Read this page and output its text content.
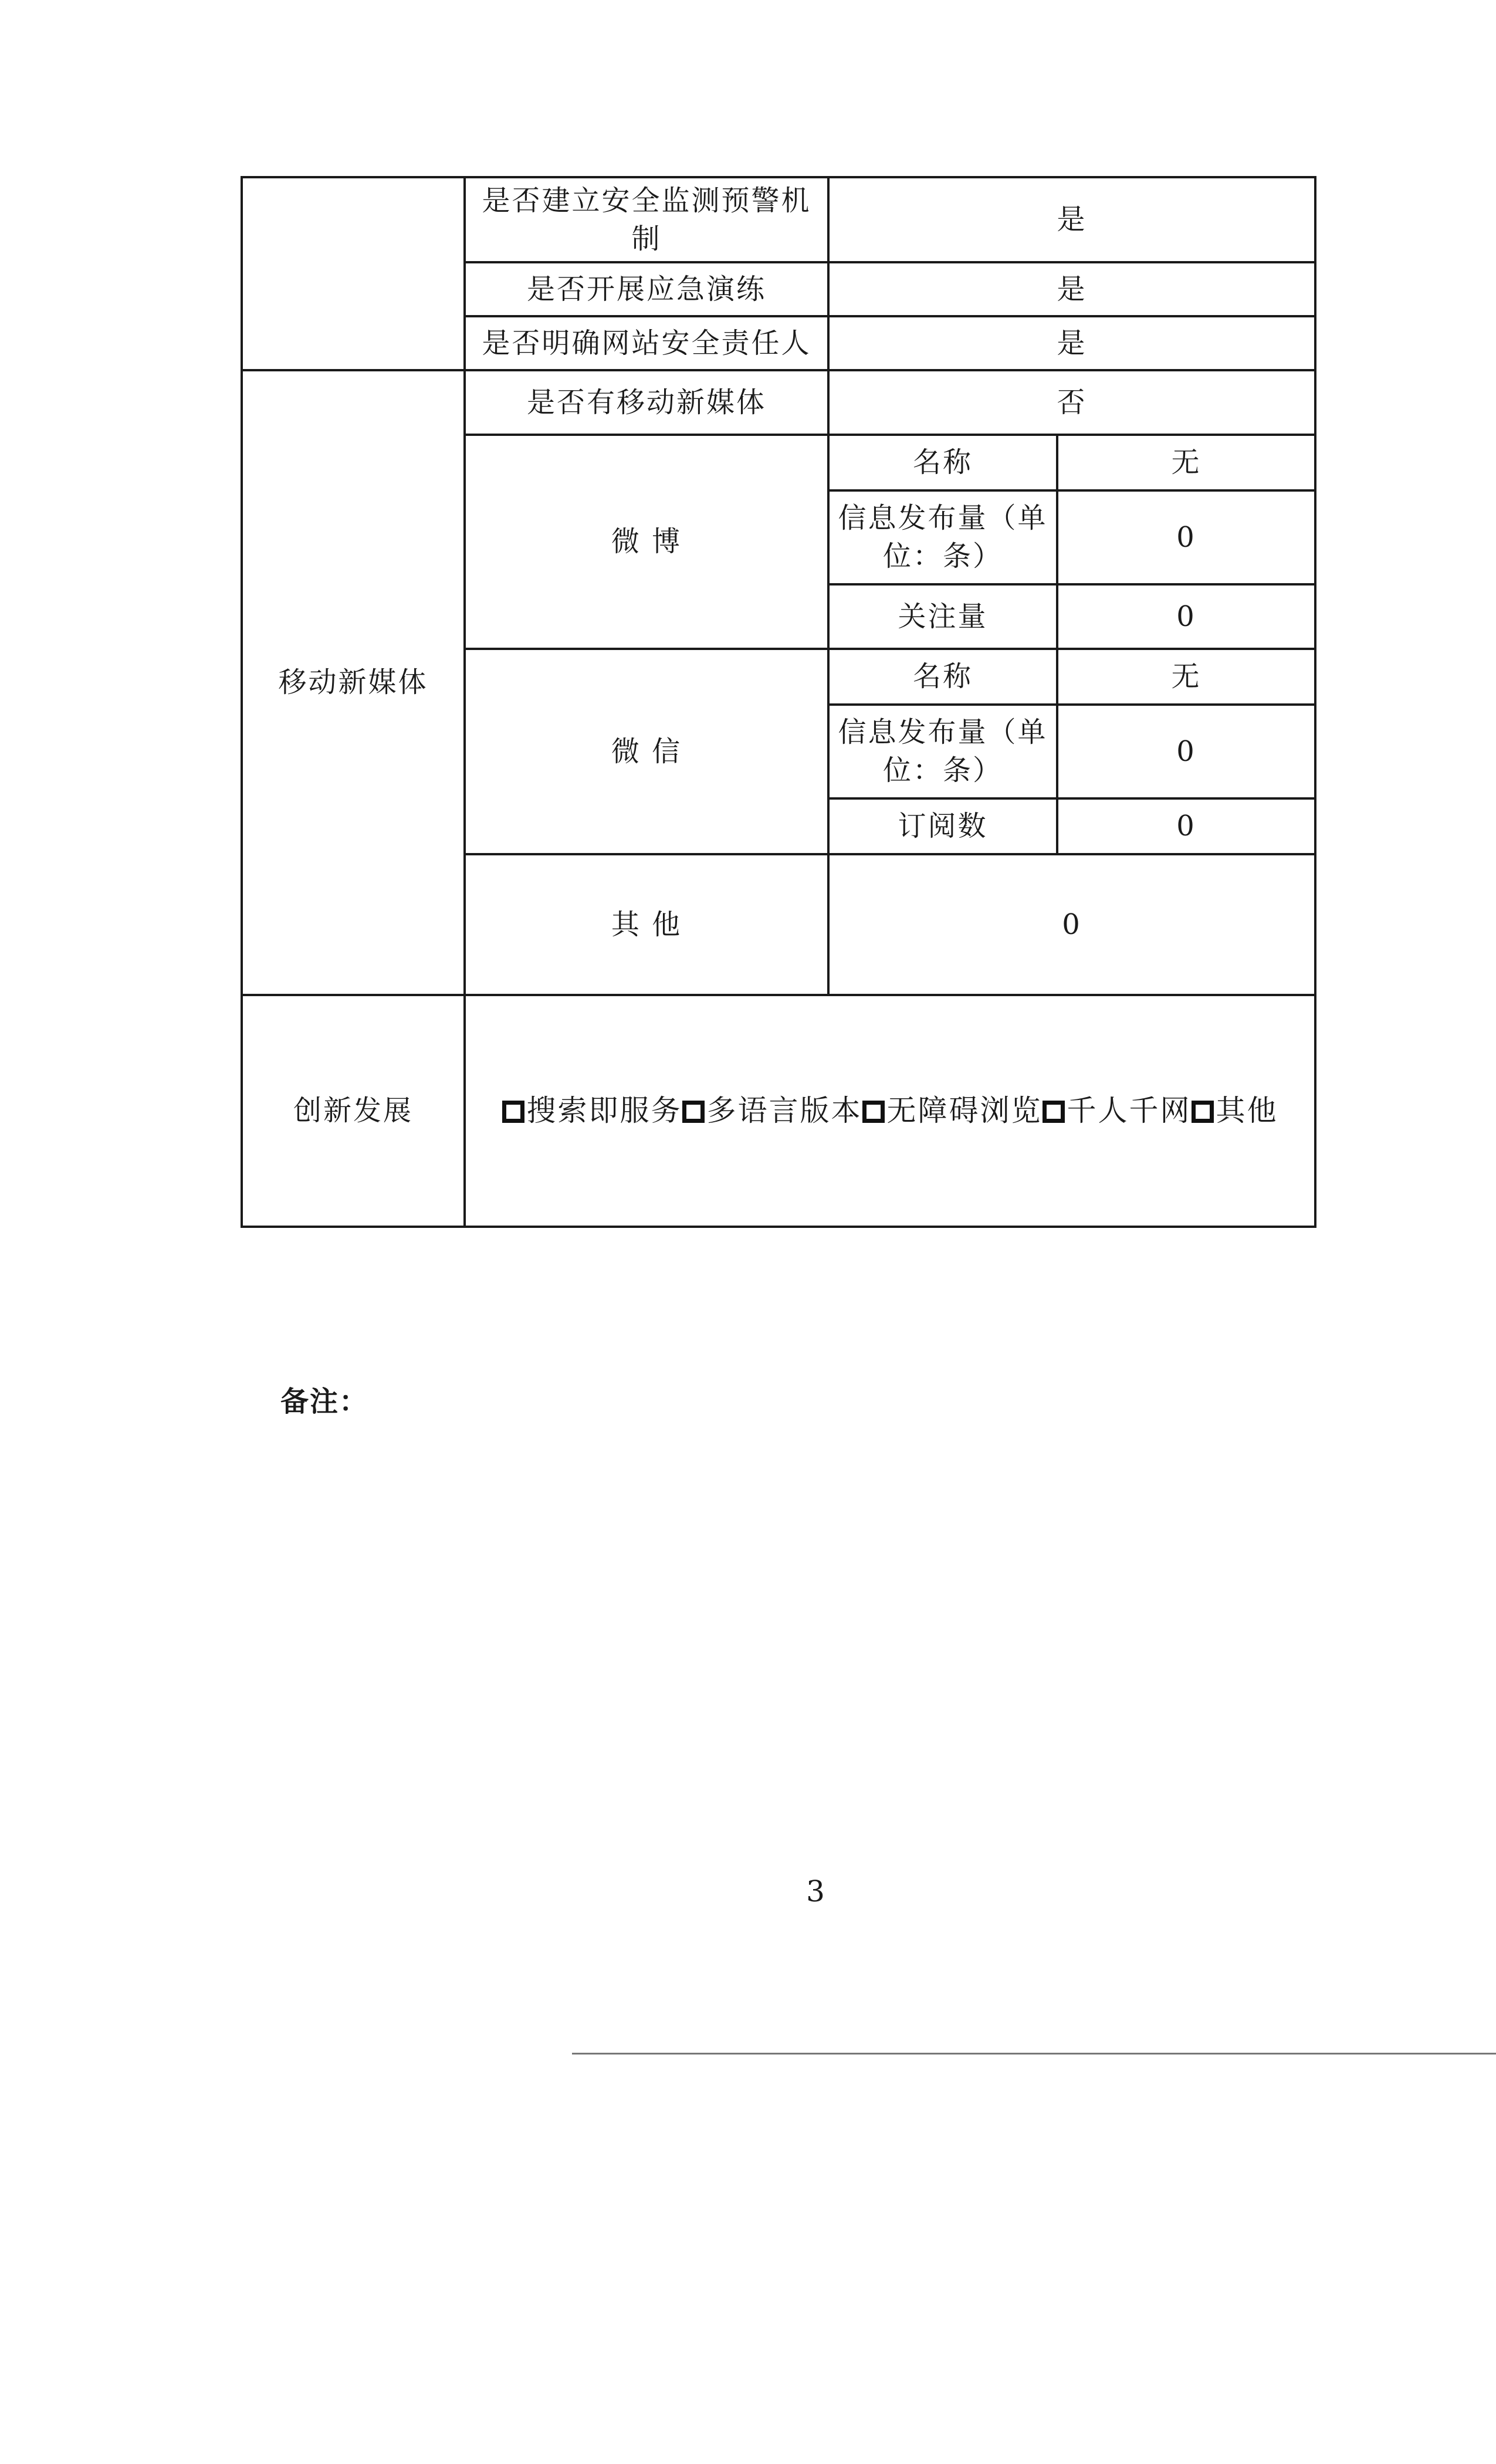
	是否建立安全监测预警机制	是	
	是否开展应急演练	是	
	是否明确网站安全责任人	是	
移动新媒体	是否有移动新媒体	否	
	微 博	名称	无
		信息发布量（单位：条）	0
		关注量	0
	微 信	名称	无
		信息发布量（单位：条）	0
		订阅数	0
	其 他	0	
创新发展	搜索即服务 多语言版本 无障碍浏览 千人千网 其他		
备注：
3
